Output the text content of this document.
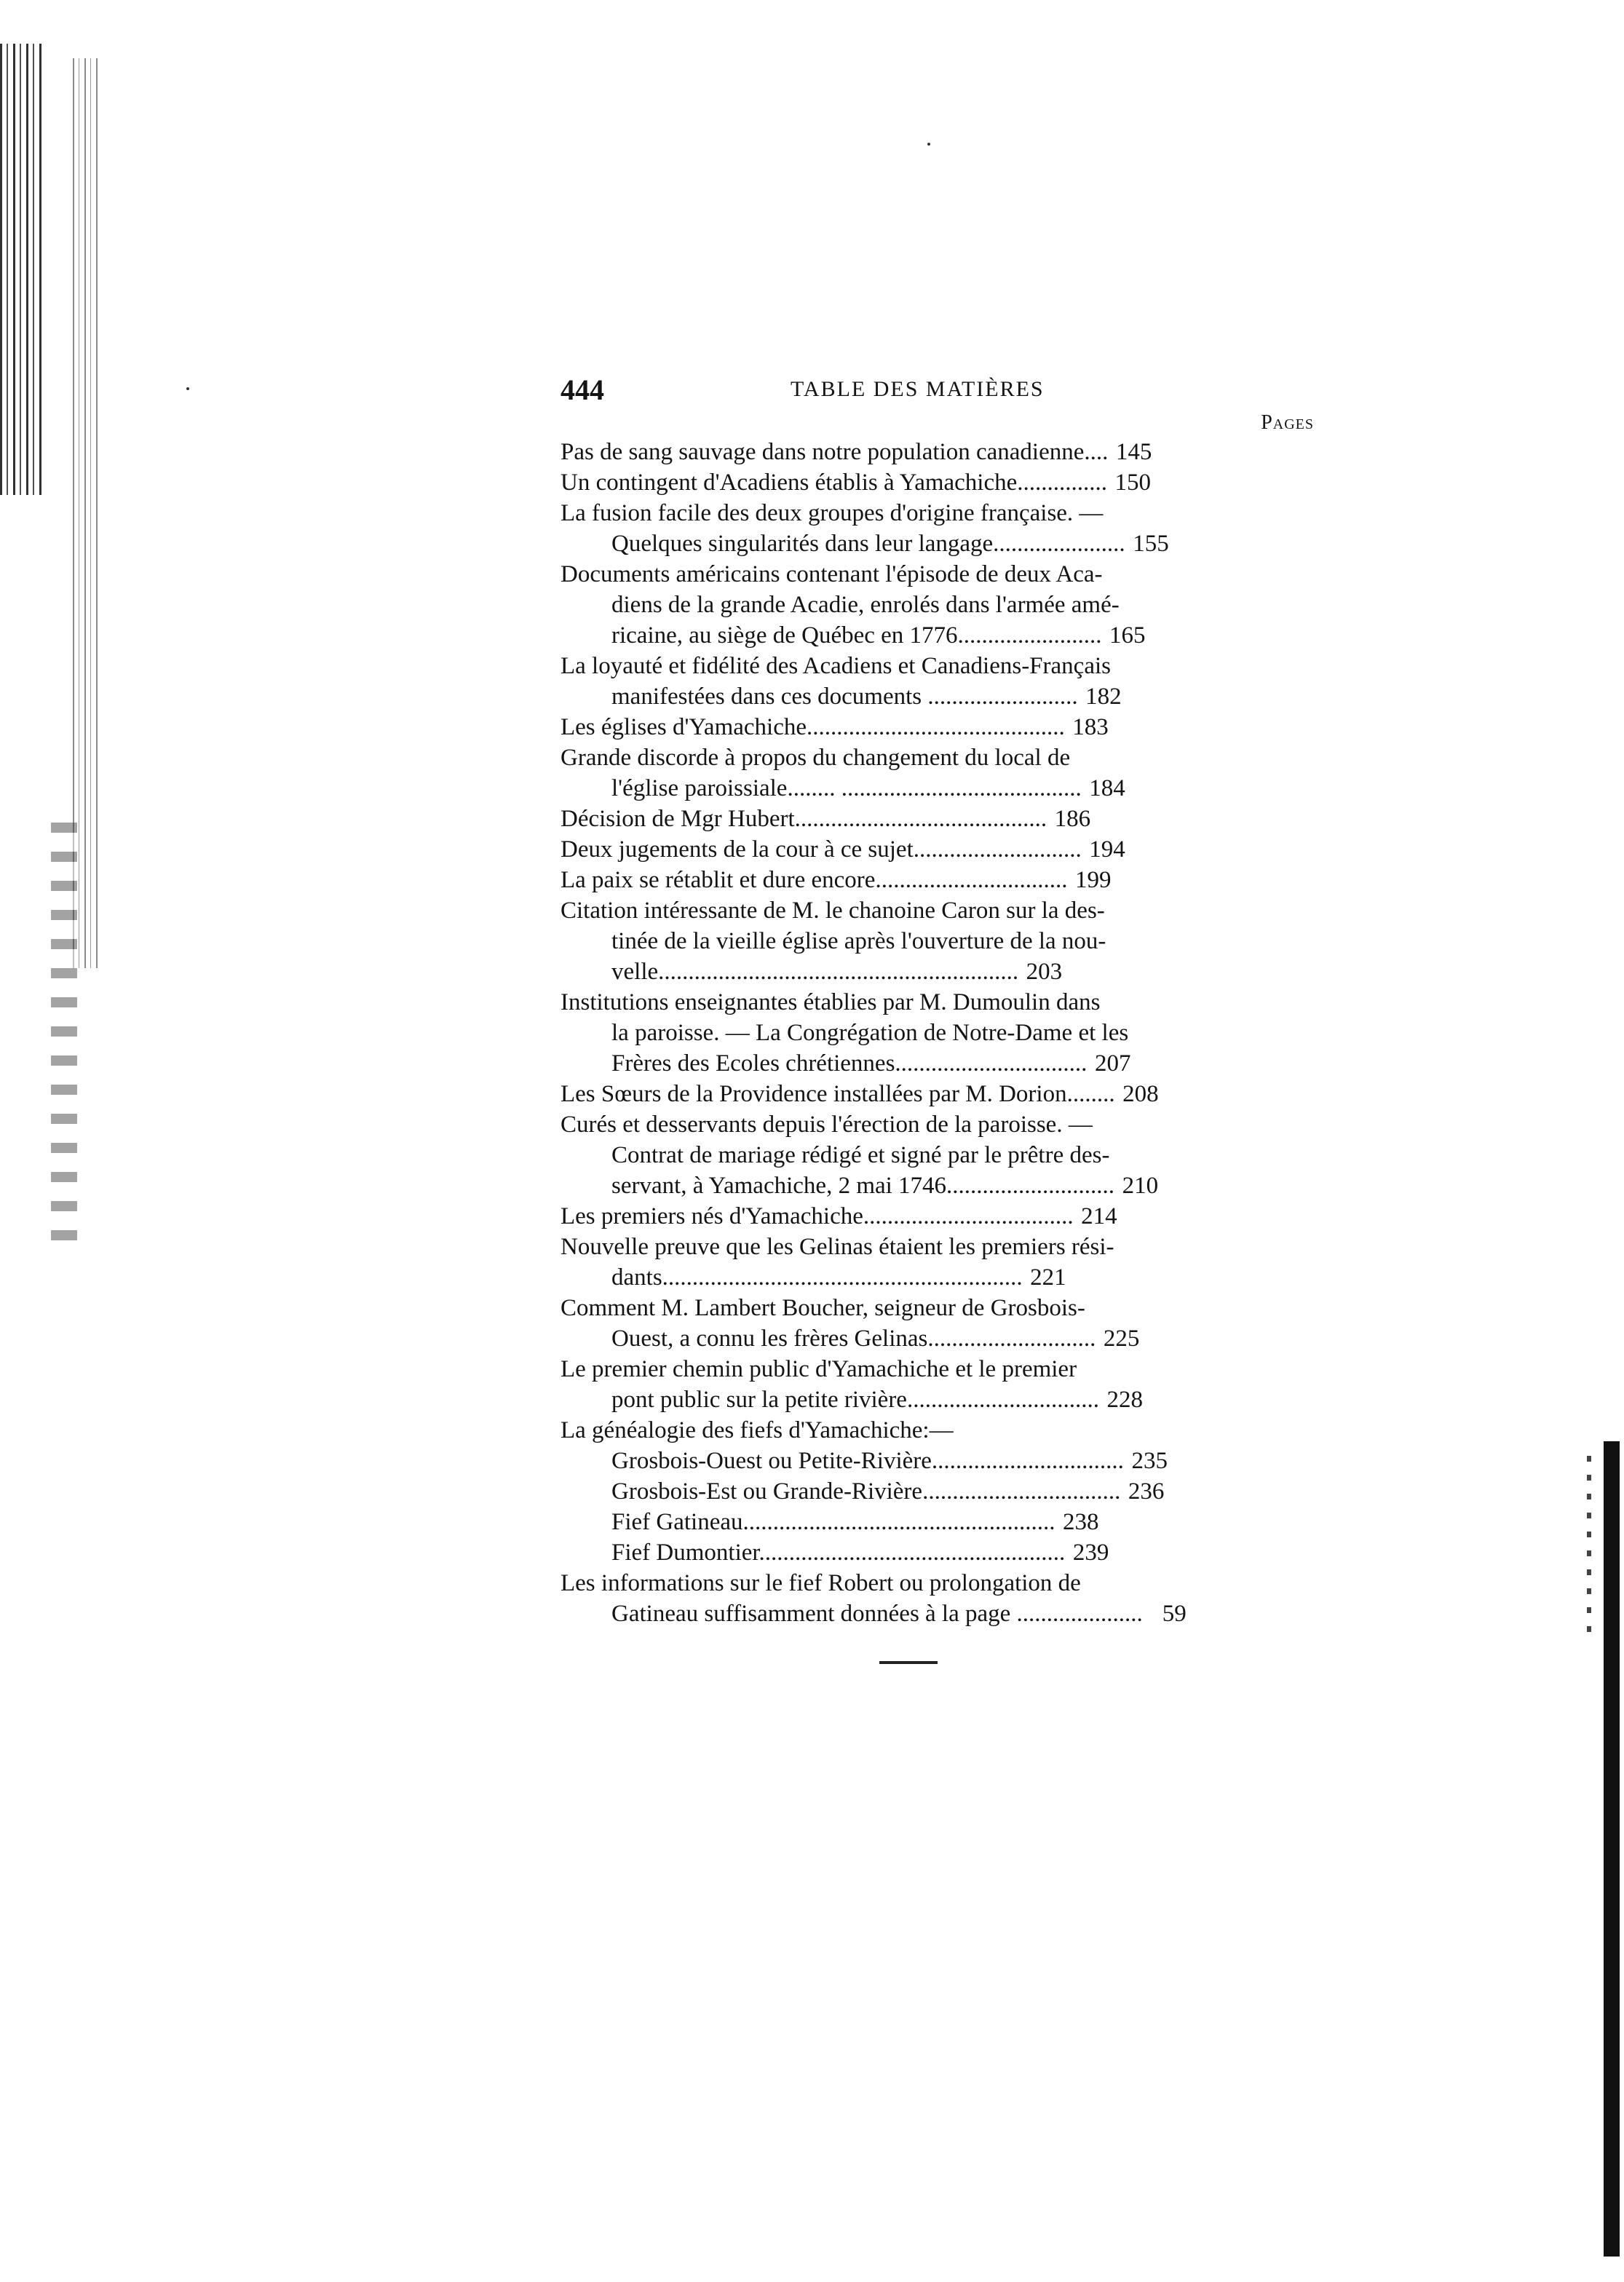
444	TABLE DES MATIÈRES
Pages
Pas de sang sauvage dans notre population canadienne.... 145
Un contingent d'Acadiens établis à Yamachiche............... 150
La fusion facile des deux groupes d'origine française. —
Quelques singularités dans leur langage...................... 155
Documents américains contenant l'épisode de deux Aca-
diens de la grande Acadie, enrolés dans l'armée amé-
ricaine, au siège de Québec en 1776........................ 165
La loyauté et fidélité des Acadiens et Canadiens-Français
manifestées dans ces documents ......................... 182
Les églises d'Yamachiche........................................... 183
Grande discorde à propos du changement du local de
l'église paroissiale........ ........................................ 184
Décision de Mgr Hubert.......................................... 186
Deux jugements de la cour à ce sujet............................ 194
La paix se rétablit et dure encore................................ 199
Citation intéressante de M. le chanoine Caron sur la des-
tinée de la vieille église après l'ouverture de la nou-
velle............................................................ 203
Institutions enseignantes établies par M. Dumoulin dans
la paroisse. — La Congrégation de Notre-Dame et les
Frères des Ecoles chrétiennes................................ 207
Les Sœurs de la Providence installées par M. Dorion........ 208
Curés et desservants depuis l'érection de la paroisse. —
Contrat de mariage rédigé et signé par le prêtre des-
servant, à Yamachiche, 2 mai 1746............................ 210
Les premiers nés d'Yamachiche................................... 214
Nouvelle preuve que les Gelinas étaient les premiers rési-
dants............................................................ 221
Comment M. Lambert Boucher, seigneur de Grosbois-
Ouest, a connu les frères Gelinas............................ 225
Le premier chemin public d'Yamachiche et le premier
pont public sur la petite rivière................................ 228
La généalogie des fiefs d'Yamachiche:—
Grosbois-Ouest ou Petite-Rivière................................ 235
Grosbois-Est ou Grande-Rivière................................. 236
Fief Gatineau.................................................... 238
Fief Dumontier................................................... 239
Les informations sur le fief Robert ou prolongation de
Gatineau suffisamment données à la page ..................... 59
